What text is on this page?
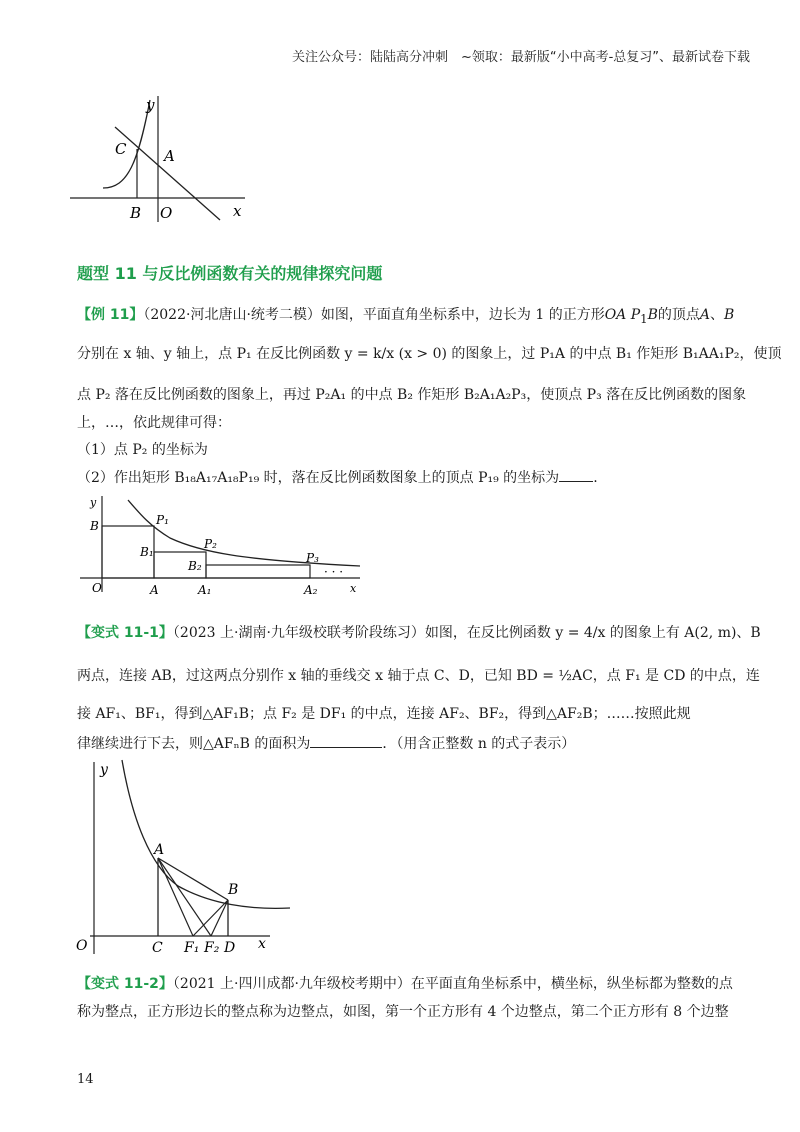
关注公众号：陆陆高分冲刺　~领取：最新版“小中高考-总复习”、最新试卷下载
y
x
C	A
B O
题型 11 与反比例函数有关的规律探究问题
【例 11】（2022·河北唐山·统考二模）如图，平面直角坐标系中，边长为 1 的正方形OA $P_1B$的顶点A、B
分别在 x 轴、y 轴上，点 P₁ 在反比例函数 y = k/x (x > 0) 的图象上，过 P₁A 的中点 B₁ 作矩形 B₁AA₁P₂，使顶
点 P₂ 落在反比例函数的图象上，再过 P₂A₁ 的中点 B₂ 作矩形 B₂A₁A₂P₃，使顶点 P₃ 落在反比例函数的图象
上，…，依此规律可得：
（1）点 P₂ 的坐标为
（2）作出矩形 B₁₈A₁₇A₁₈P₁₉ 时，落在反比例函数图象上的顶点 P₁₉ 的坐标为 .
y
x
O
B
B₁
B₂
P₁
P₂
P₃
A	A₁	A₂
· · ·
【变式 11-1】（2023 上·湖南·九年级校联考阶段练习）如图，在反比例函数 y = 4/x 的图象上有 A(2, m)、B
两点，连接 AB，过这两点分别作 x 轴的垂线交 x 轴于点 C、D，已知 BD = ½AC，点 F₁ 是 CD 的中点，连
接 AF₁、BF₁，得到△AF₁B；点 F₂ 是 DF₁ 的中点，连接 AF₂、BF₂，得到△AF₂B；……按照此规
律继续进行下去，则△AFₙB 的面积为	．（用含正整数 n 的式子表示）
y
x
O
A
B
C F₁ F₂ D
【变式 11-2】（2021 上·四川成都·九年级校考期中）在平面直角坐标系中，横坐标，纵坐标都为整数的点
称为整点，正方形边长的整点称为边整点，如图，第一个正方形有 4 个边整点，第二个正方形有 8 个边整
14
